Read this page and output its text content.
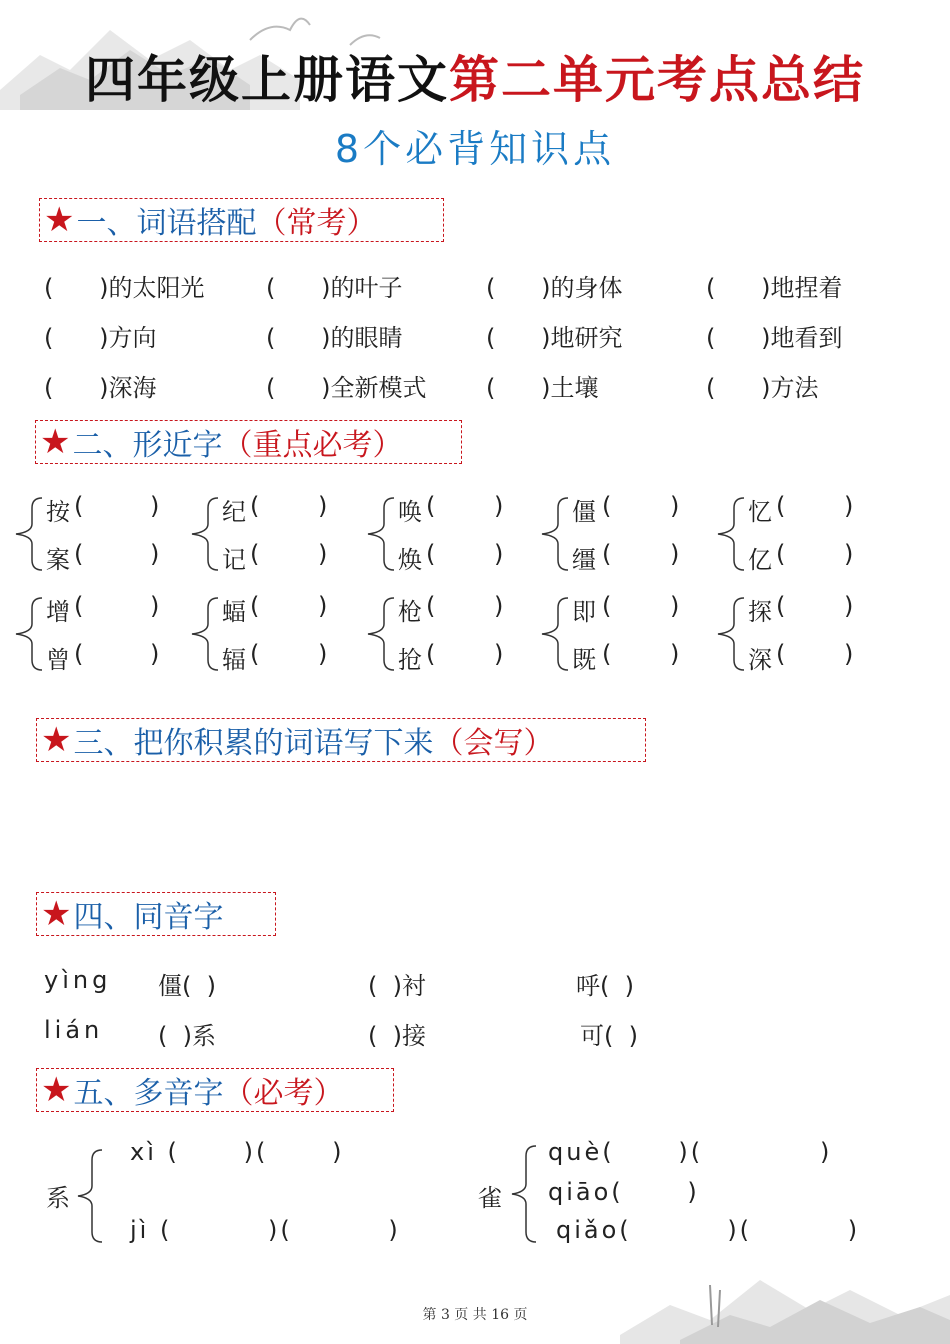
四年级上册语文第二单元考点总结
8个必背知识点
★ 一、词语搭配 （常考）
(      )的太阳光	(      )的叶子	(      )的身体	(      )地捏着
(      )方向	(      )的眼睛	(      )地研究	(      )地看到
(      )深海	(      )全新模式 (      )土壤	(      )方法
★ 二、形近字 （重点必考）
按 (	)
案 (	)
纪 ( )
记 ( )
唤 ( )
焕 ( )
僵 ( )
缰 ( )
忆 ( )
亿 ( )
增 (	)
曾 (	)
蝠 ( )
辐 ( )
枪 ( )
抢 ( )
即 ( )
既 ( )
探 ( )
深 ( )
★ 三、把你积累的词语写下来 （会写）
★ 四、同音字
yìng 僵(  )	(  )衬	呼(  )
lián (  )系	(  )接	可(  )
★ 五、多音字 （必考）
系
xì (      )(      )
jì (         )(         )
雀
què(      )(           )
qiāo(      )
qiǎo(         )(         )
第 3 页 共 16 页
